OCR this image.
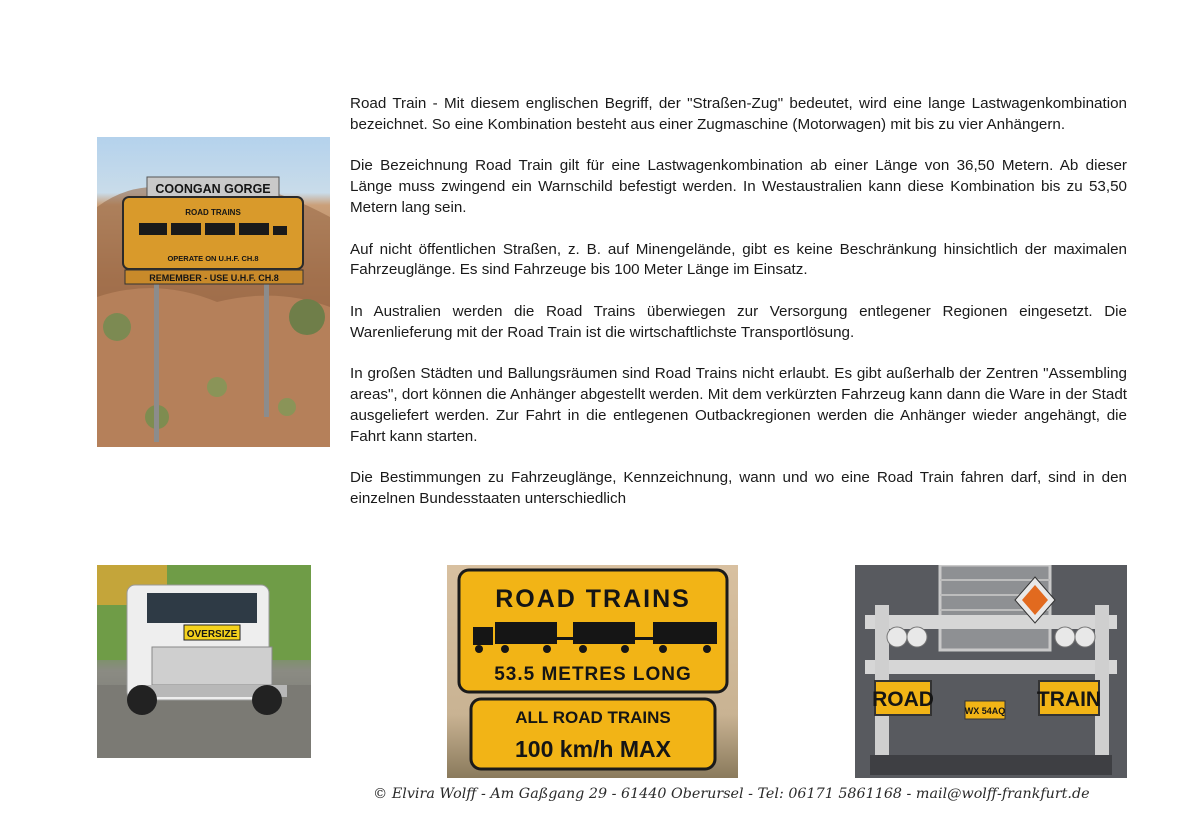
Road Train - Mit diesem englischen Begriff, der "Straßen-Zug" bedeutet, wird eine lange Lastwagenkombination bezeichnet. So eine Kombination besteht aus einer Zugmaschine (Motorwagen) mit bis zu vier Anhängern.

Die Bezeichnung Road Train gilt für eine Lastwagenkombination ab einer Länge von 36,50 Metern. Ab dieser Länge muss zwingend ein Warnschild befestigt werden. In Westaustralien kann diese Kombination bis zu 53,50 Metern lang sein.

Auf nicht öffentlichen Straßen, z. B. auf Minengelände, gibt es keine Beschränkung hinsichtlich der maximalen Fahrzeuglänge. Es sind Fahrzeuge bis 100 Meter Länge im Einsatz.

In Australien werden die Road Trains überwiegen zur Versorgung entlegener Regionen eingesetzt. Die Warenlieferung mit der Road Train ist die wirtschaftlichste Transportlösung.

In großen Städten und Ballungsräumen sind Road Trains nicht erlaubt. Es gibt außerhalb der Zentren "Assembling areas", dort können die Anhänger abgestellt werden. Mit dem verkürzten Fahrzeug kann dann die Ware in der Stadt ausgeliefert werden. Zur Fahrt in die entlegenen Outbackregionen werden die Anhänger wieder angehängt, die Fahrt kann starten.

Die Bestimmungen zu Fahrzeuglänge, Kennzeichnung, wann und wo eine Road Train fahren darf, sind in den einzelnen Bundesstaaten unterschiedlich

COONGAN GORGE
ROAD TRAINS
OPERATE ON U.H.F. CH.8
REMEMBER - USE U.H.F. CH.8
OVERSIZE
ROAD TRAINS
53.5 METRES LONG
ALL ROAD TRAINS
100 km/h MAX
ROAD	TRAIN
WX 54AQ
© Elvira Wolff - Am Gaßgang 29 - 61440 Oberursel - Tel: 06171 5861168 - mail@wolff-frankfurt.de
